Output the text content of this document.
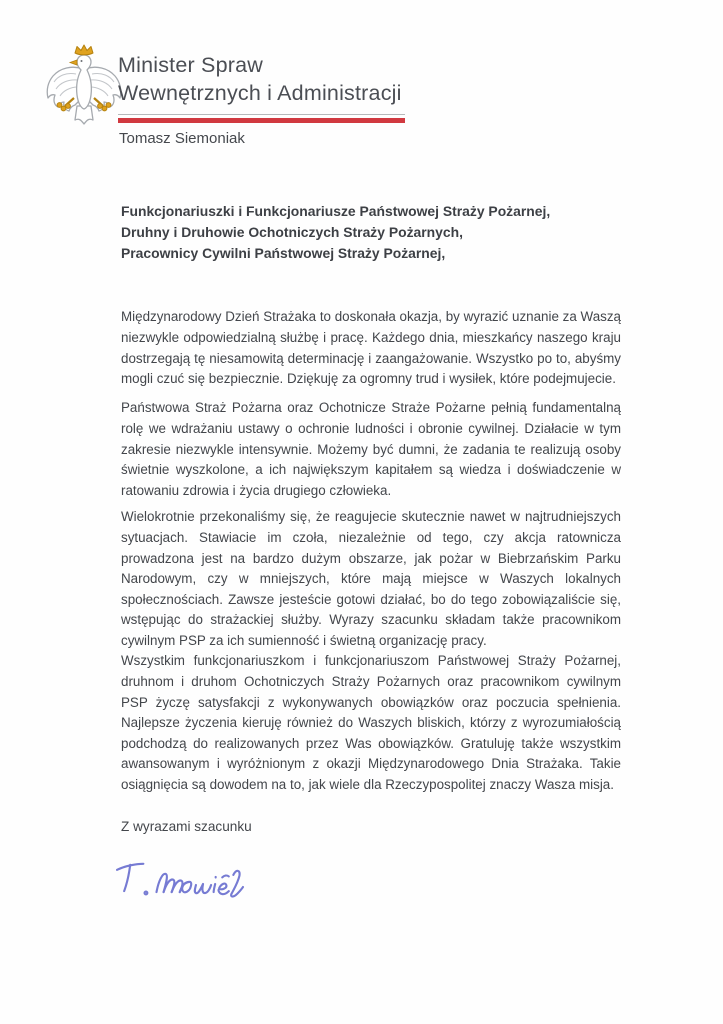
Minister Spraw
Wewnętrznych i Administracji
Tomasz Siemoniak
Funkcjonariuszki i Funkcjonariusze Państwowej Straży Pożarnej,
Druhny i Druhowie Ochotniczych Straży Pożarnych,
Pracownicy Cywilni Państwowej Straży Pożarnej,

Międzynarodowy Dzień Strażaka to doskonała okazja, by wyrazić uznanie za Waszą niezwykle odpowiedzialną służbę i pracę. Każdego dnia, mieszkańcy naszego kraju dostrzegają tę niesamowitą determinację i zaangażowanie. Wszystko po to, abyśmy mogli czuć się bezpiecznie. Dziękuję za ogromny trud i wysiłek, które podejmujecie.

Państwowa Straż Pożarna oraz Ochotnicze Straże Pożarne pełnią fundamentalną rolę we wdrażaniu ustawy o ochronie ludności i obronie cywilnej. Działacie w tym zakresie niezwykle intensywnie. Możemy być dumni, że zadania te realizują osoby świetnie wyszkolone, a ich największym kapitałem są wiedza i doświadczenie w ratowaniu zdrowia i życia drugiego człowieka.

Wielokrotnie przekonaliśmy się, że reagujecie skutecznie nawet w najtrudniejszych sytuacjach. Stawiacie im czoła, niezależnie od tego, czy akcja ratownicza prowadzona jest na bardzo dużym obszarze, jak pożar w Biebrzańskim Parku Narodowym, czy w mniejszych, które mają miejsce w Waszych lokalnych społecznościach. Zawsze jesteście gotowi działać, bo do tego zobowiązaliście się, wstępując do strażackiej służby. Wyrazy szacunku składam także pracownikom cywilnym PSP za ich sumienność i świetną organizację pracy.

Wszystkim funkcjonariuszkom i funkcjonariuszom Państwowej Straży Pożarnej, druhnom i druhom Ochotniczych Straży Pożarnych oraz pracownikom cywilnym PSP życzę satysfakcji z wykonywanych obowiązków oraz poczucia spełnienia. Najlepsze życzenia kieruję również do Waszych bliskich, którzy z wyrozumiałością podchodzą do realizowanych przez Was obowiązków. Gratuluję także wszystkim awansowanym i wyróżnionym z okazji Międzynarodowego Dnia Strażaka. Takie osiągnięcia są dowodem na to, jak wiele dla Rzeczypospolitej znaczy Wasza misja.

Z wyrazami szacunku
